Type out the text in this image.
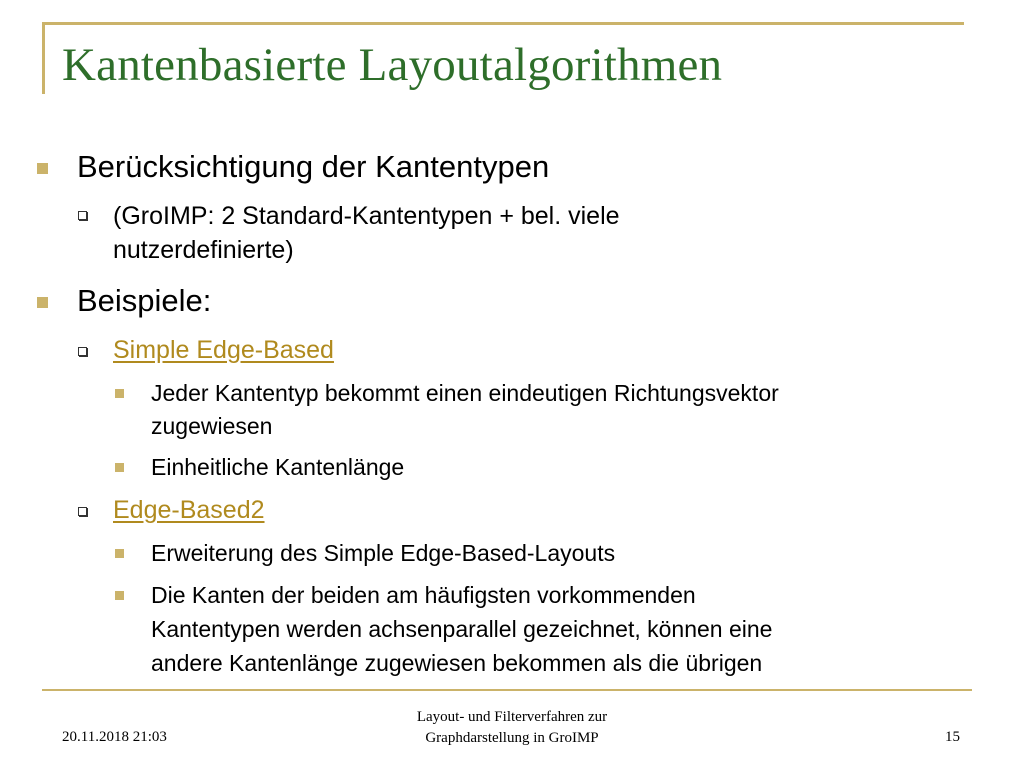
Kantenbasierte Layoutalgorithmen
Berücksichtigung der Kantentypen
(GroIMP: 2 Standard-Kantentypen + bel. viele
nutzerdefinierte)
Beispiele:
Simple Edge-Based
Jeder Kantentyp bekommt einen eindeutigen Richtungsvektor
zugewiesen
Einheitliche Kantenlänge
Edge-Based2
Erweiterung des Simple Edge-Based-Layouts
Die Kanten der beiden am häufigsten vorkommenden
Kantentypen werden achsenparallel gezeichnet, können eine
andere Kantenlänge zugewiesen bekommen als die übrigen
20.11.2018 21:03
Layout- und Filterverfahren zur
Graphdarstellung in GroIMP	15
